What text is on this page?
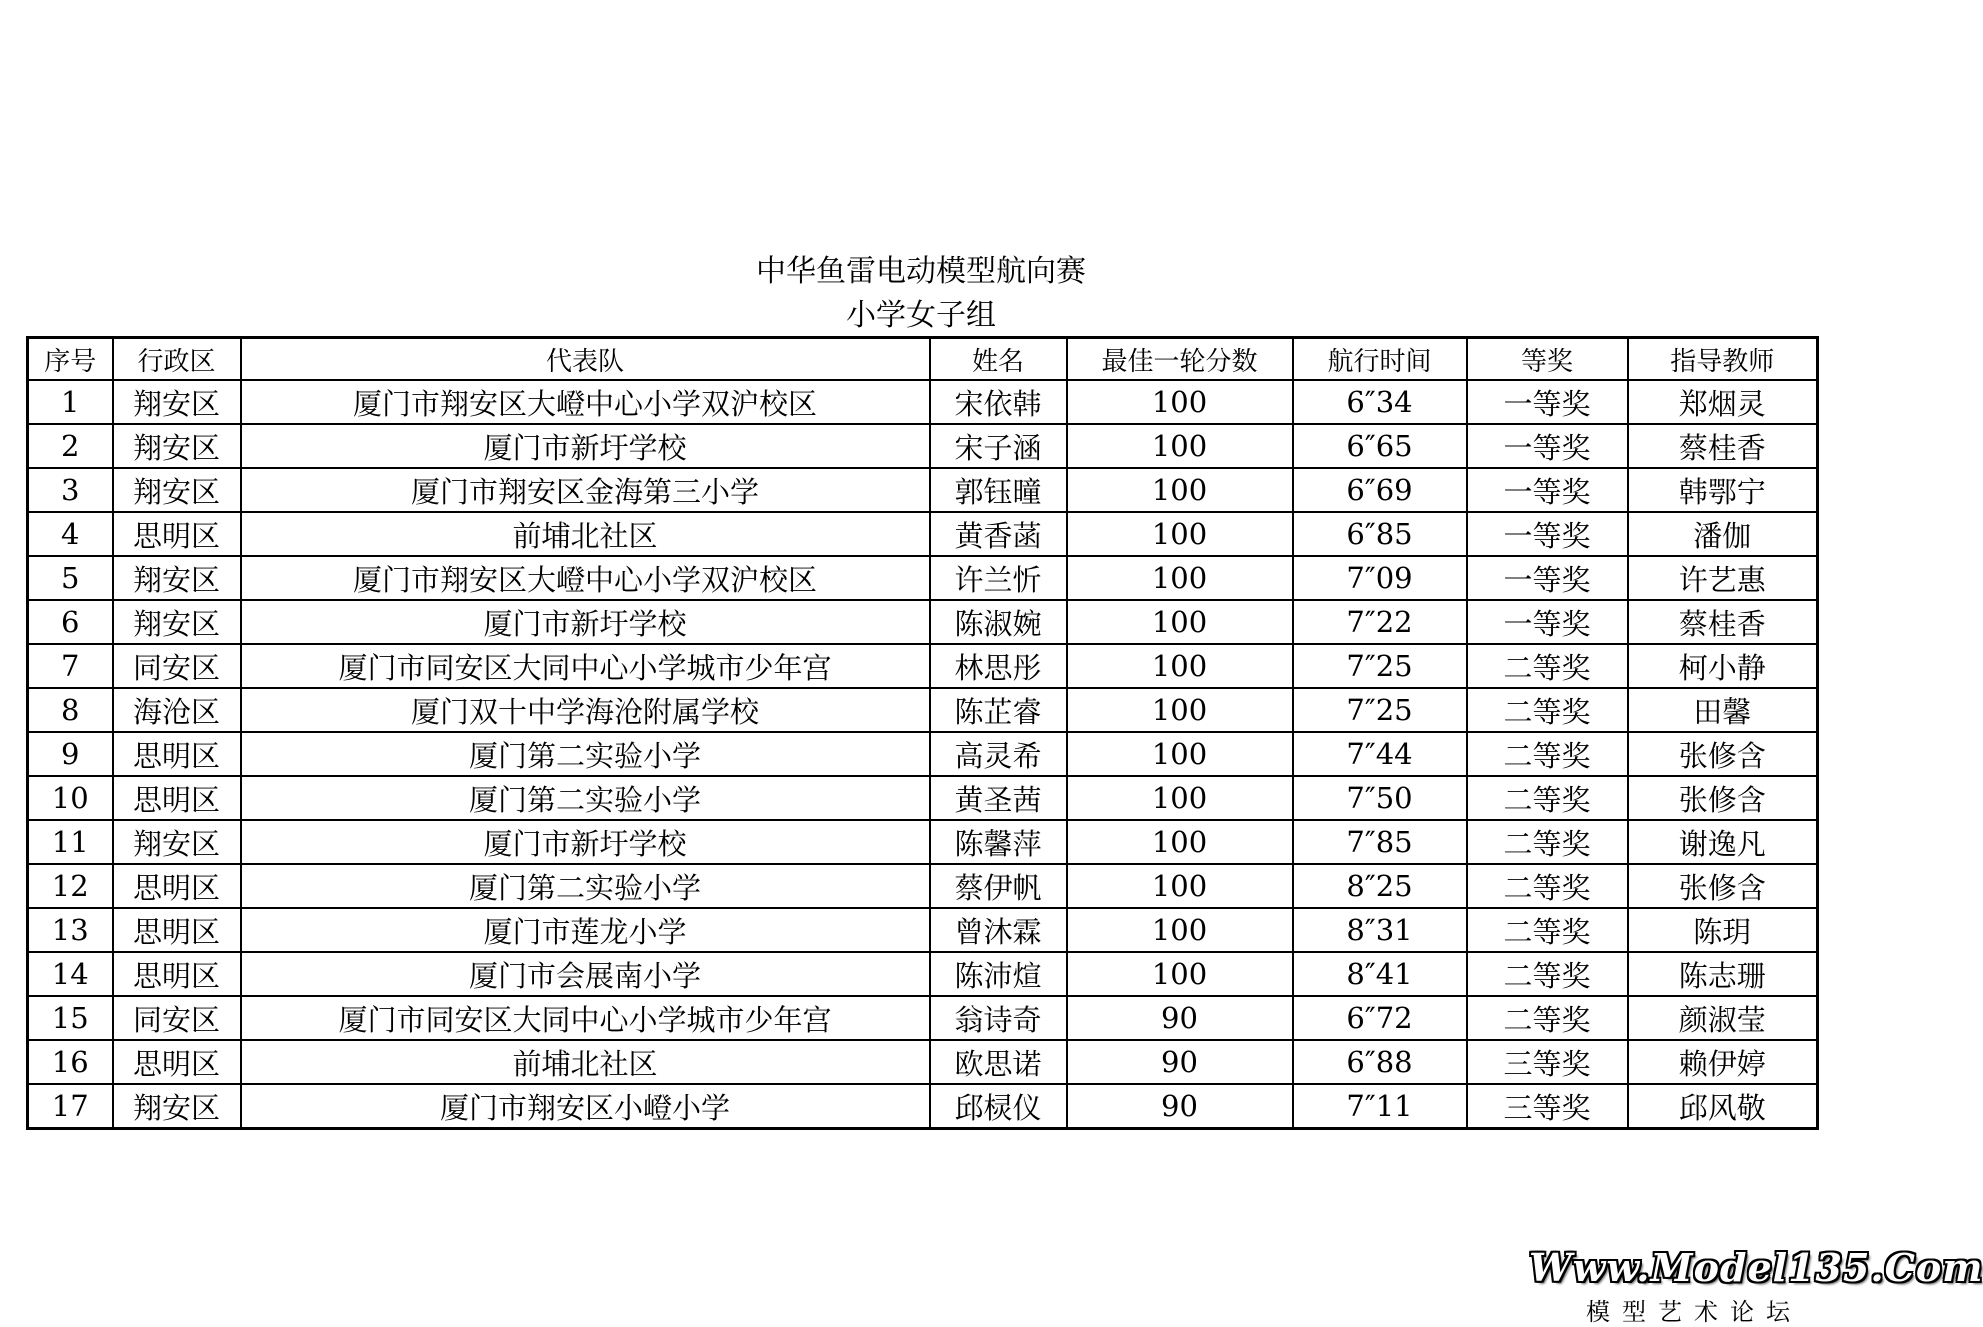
中华鱼雷电动模型航向赛
小学女子组
序号	行政区	代表队	姓名	最佳一轮分数	航行时间	等奖	指导教师
1	翔安区	厦门市翔安区大嶝中心小学双沪校区	宋依韩	100	6″34	一等奖	郑烟灵
2	翔安区	厦门市新圩学校	宋子涵	100	6″65	一等奖	蔡桂香
3	翔安区	厦门市翔安区金海第三小学	郭钰曈	100	6″69	一等奖	韩鄂宁
4	思明区	前埔北社区	黄香菡	100	6″85	一等奖	潘伽
5	翔安区	厦门市翔安区大嶝中心小学双沪校区	许兰忻	100	7″09	一等奖	许艺惠
6	翔安区	厦门市新圩学校	陈淑婉	100	7″22	一等奖	蔡桂香
7	同安区	厦门市同安区大同中心小学城市少年宫	林思彤	100	7″25	二等奖	柯小静
8	海沧区	厦门双十中学海沧附属学校	陈芷睿	100	7″25	二等奖	田馨
9	思明区	厦门第二实验小学	高灵希	100	7″44	二等奖	张修含
10	思明区	厦门第二实验小学	黄圣茜	100	7″50	二等奖	张修含
11	翔安区	厦门市新圩学校	陈馨萍	100	7″85	二等奖	谢逸凡
12	思明区	厦门第二实验小学	蔡伊帆	100	8″25	二等奖	张修含
13	思明区	厦门市莲龙小学	曾沐霖	100	8″31	二等奖	陈玥
14	思明区	厦门市会展南小学	陈沛煊	100	8″41	二等奖	陈志珊
15	同安区	厦门市同安区大同中心小学城市少年宫	翁诗奇	90	6″72	二等奖	颜淑莹
16	思明区	前埔北社区	欧思诺	90	6″88	三等奖	赖伊婷
17	翔安区	厦门市翔安区小嶝小学	邱棂仪	90	7″11	三等奖	邱风敬
Www.Model135.Com
模型艺术论坛
